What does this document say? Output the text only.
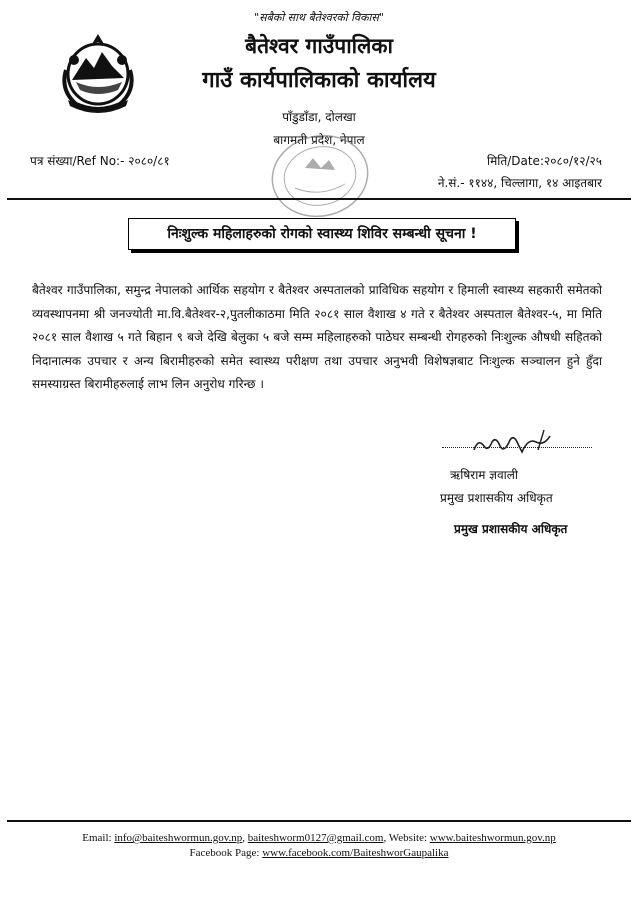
"सबैको साथ बैतेश्वरको विकास"
बैतेश्वर गाउँपालिका
गाउँ कार्यपालिकाको कार्यालय
पाँडुडाँडा, दोलखा
बागमती प्रदेश, नेपाल
पत्र संख्या/Ref No:- २०८०/८१	मिति/Date:२०८०/१२/२५
ने.सं.- ११४४, चिल्लागा, १४ आइतबार
निःशुल्क महिलाहरुको रोगको स्वास्थ्य शिविर सम्बन्धी सूचना !

बैतेश्वर गाउँपालिका, समुन्द्र नेपालको आर्थिक सहयोग र बैतेश्वर अस्पतालको प्राविधिक सहयोग र हिमाली स्वास्थ्य सहकारी समेतको व्यवस्थापनमा श्री जनज्योती मा.वि.बैतेश्वर-२,पुतलीकाठमा मिति २०८१ साल वैशाख ४ गते र बैतेश्वर अस्पताल बैतेश्वर-५, मा मिति २०८१ साल वैशाख ५ गते बिहान ९ बजे देखि बेलुका ५ बजे सम्म महिलाहरुको पाठेघर सम्बन्धी रोगहरुको निःशुल्क औषधी सहितको निदानात्मक उपचार र अन्य बिरामीहरुको समेत स्वास्थ्य परीक्षण तथा उपचार अनुभवी विशेषज्ञबाट निःशुल्क सञ्चालन हुने हुँदा समस्याग्रस्त बिरामीहरुलाई लाभ लिन अनुरोध गरिन्छ ।

ऋषिराम ज्ञवाली
प्रमुख प्रशासकीय अधिकृत
प्रमुख प्रशासकीय अधिकृत
Email: info@baiteshwormun.gov.np, baiteshworm0127@gmail.com, Website: www.baiteshwormun.gov.np
Facebook Page: www.facebook.com/BaiteshworGaupalika
